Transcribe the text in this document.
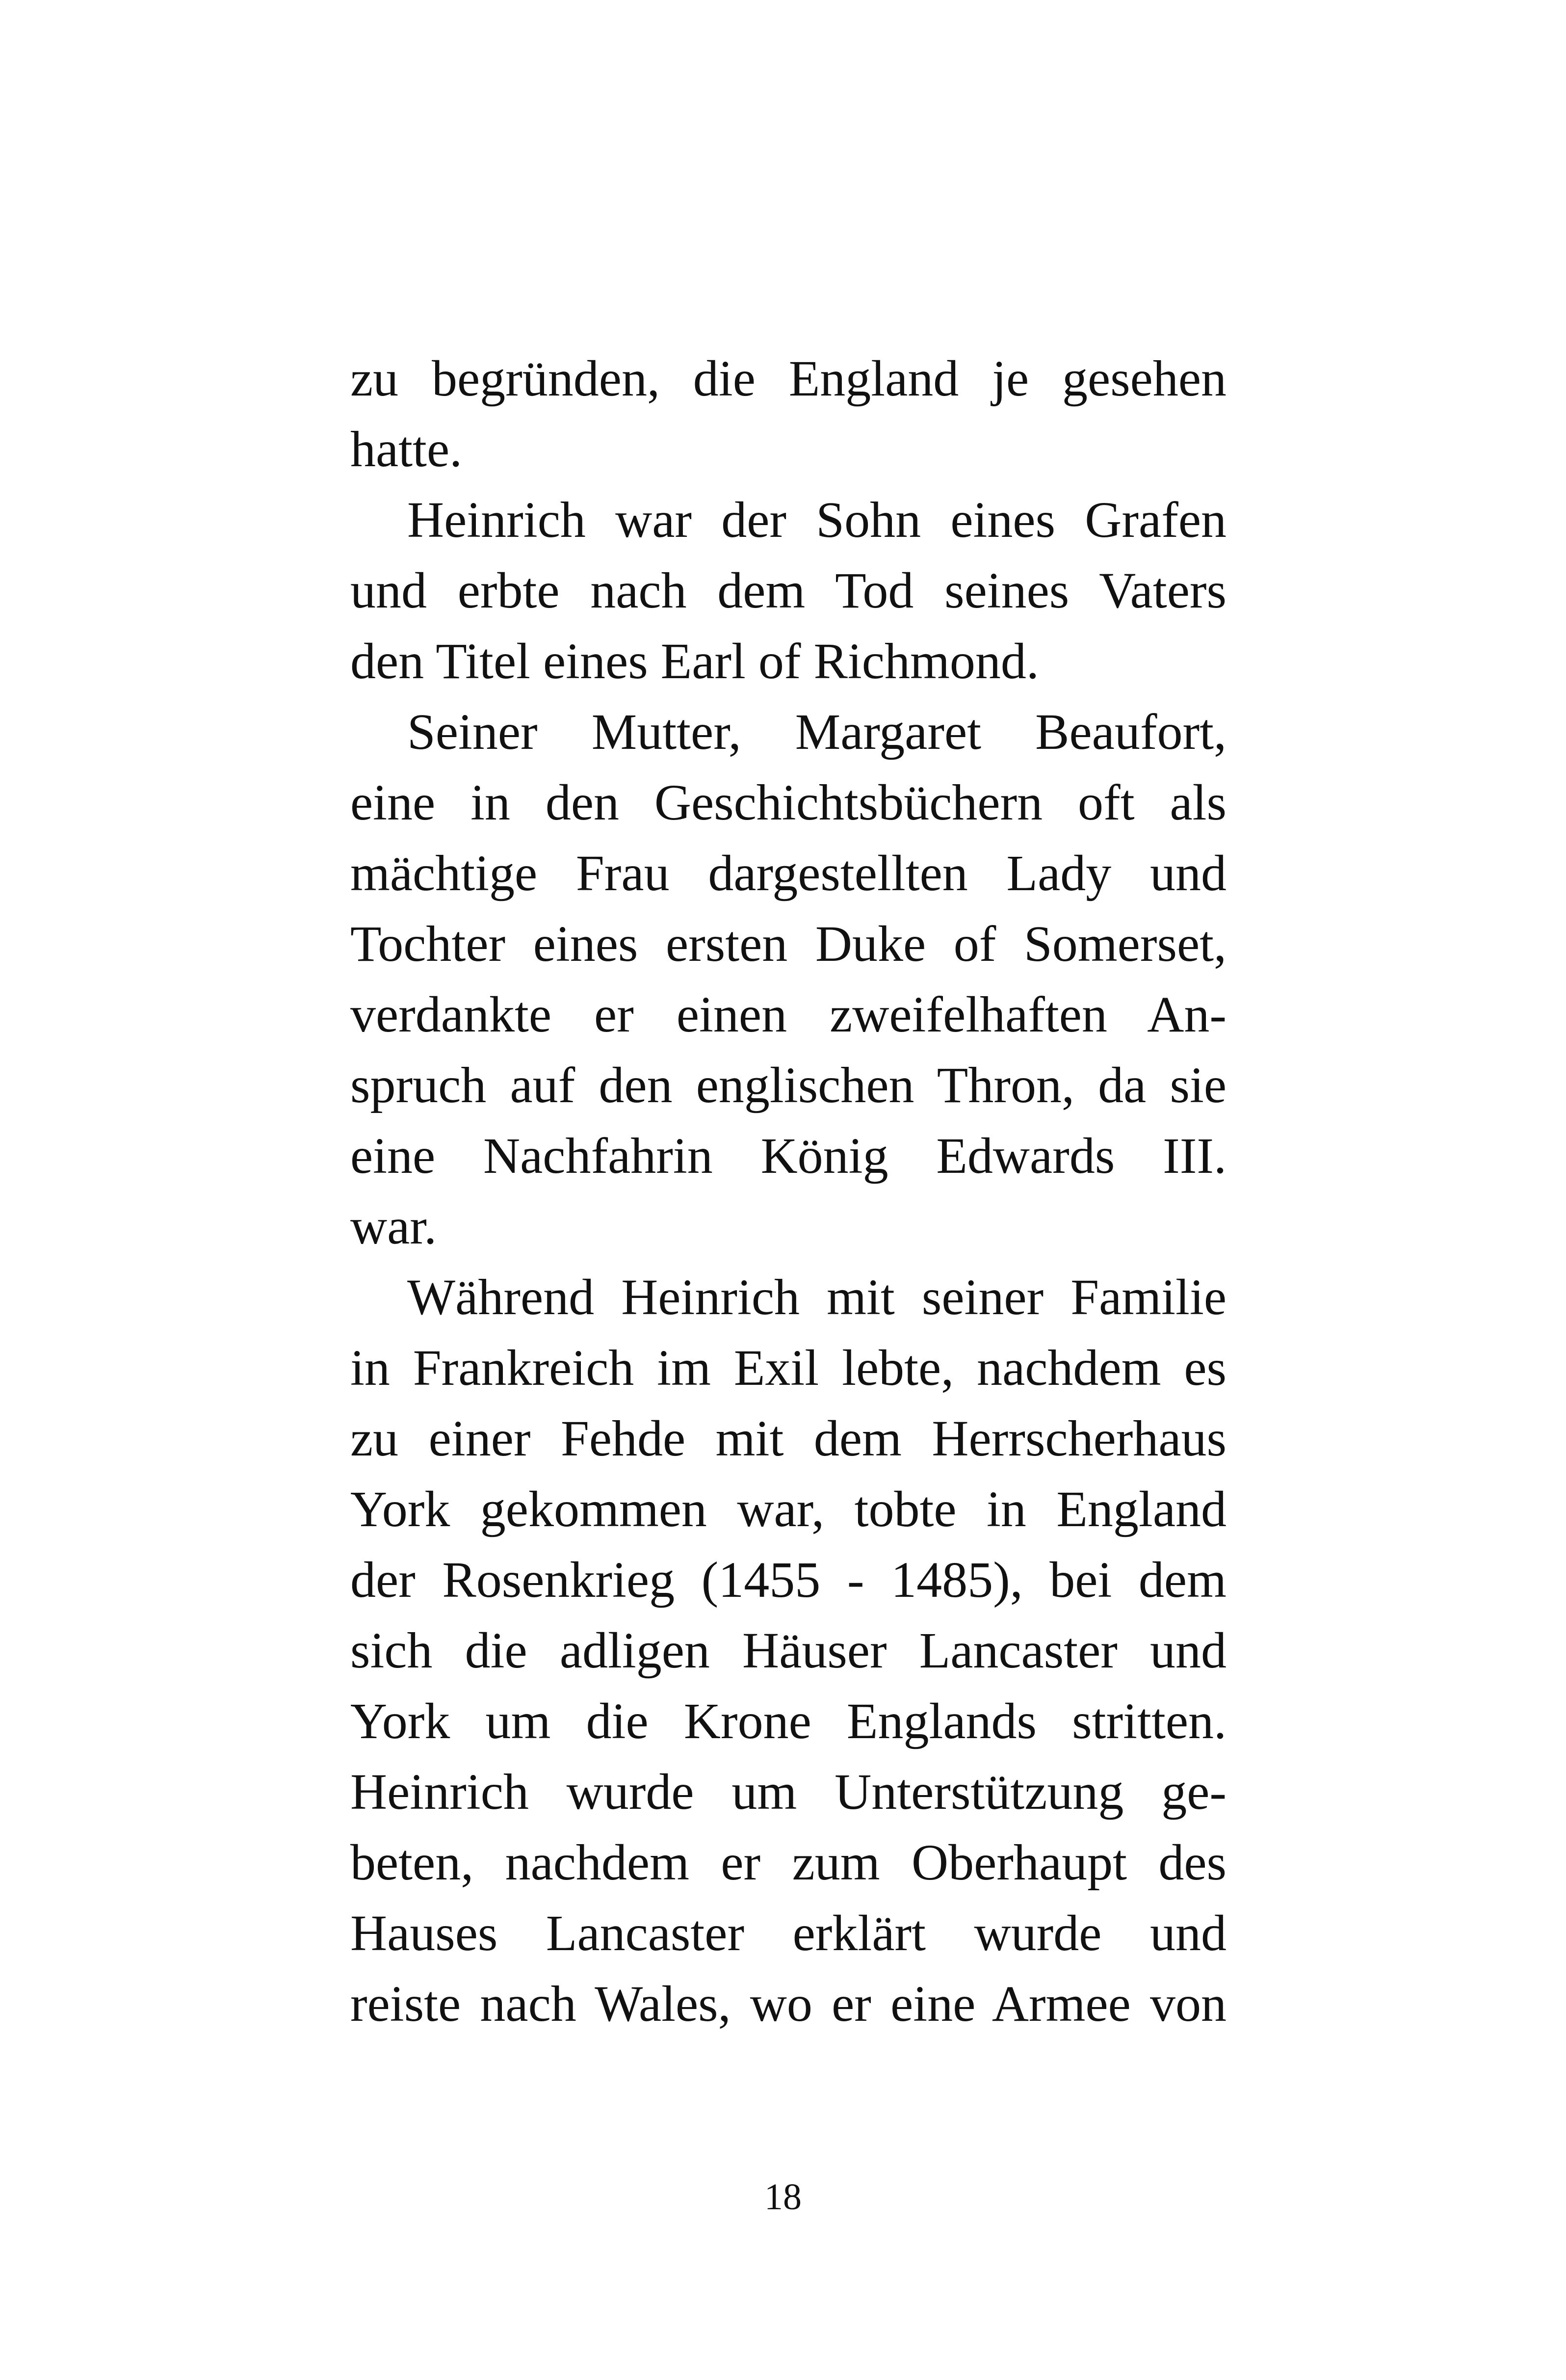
zu begründen, die England je gesehen
hatte.

Heinrich war der Sohn eines Grafen
und erbte nach dem Tod seines Vaters
den Titel eines Earl of Richmond.

Seiner Mutter, Margaret Beaufort,
eine in den Geschichtsbüchern oft als
mächtige Frau dargestellten Lady und
Tochter eines ersten Duke of Somerset,
verdankte er einen zweifelhaften An-
spruch auf den englischen Thron, da sie
eine Nachfahrin König Edwards III.
war.

Während Heinrich mit seiner Familie
in Frankreich im Exil lebte, nachdem es
zu einer Fehde mit dem Herrscherhaus
York gekommen war, tobte in England
der Rosenkrieg (1455 - 1485), bei dem
sich die adligen Häuser Lancaster und
York um die Krone Englands stritten.
Heinrich wurde um Unterstützung ge-
beten, nachdem er zum Oberhaupt des
Hauses Lancaster erklärt wurde und
reiste nach Wales, wo er eine Armee von

18
